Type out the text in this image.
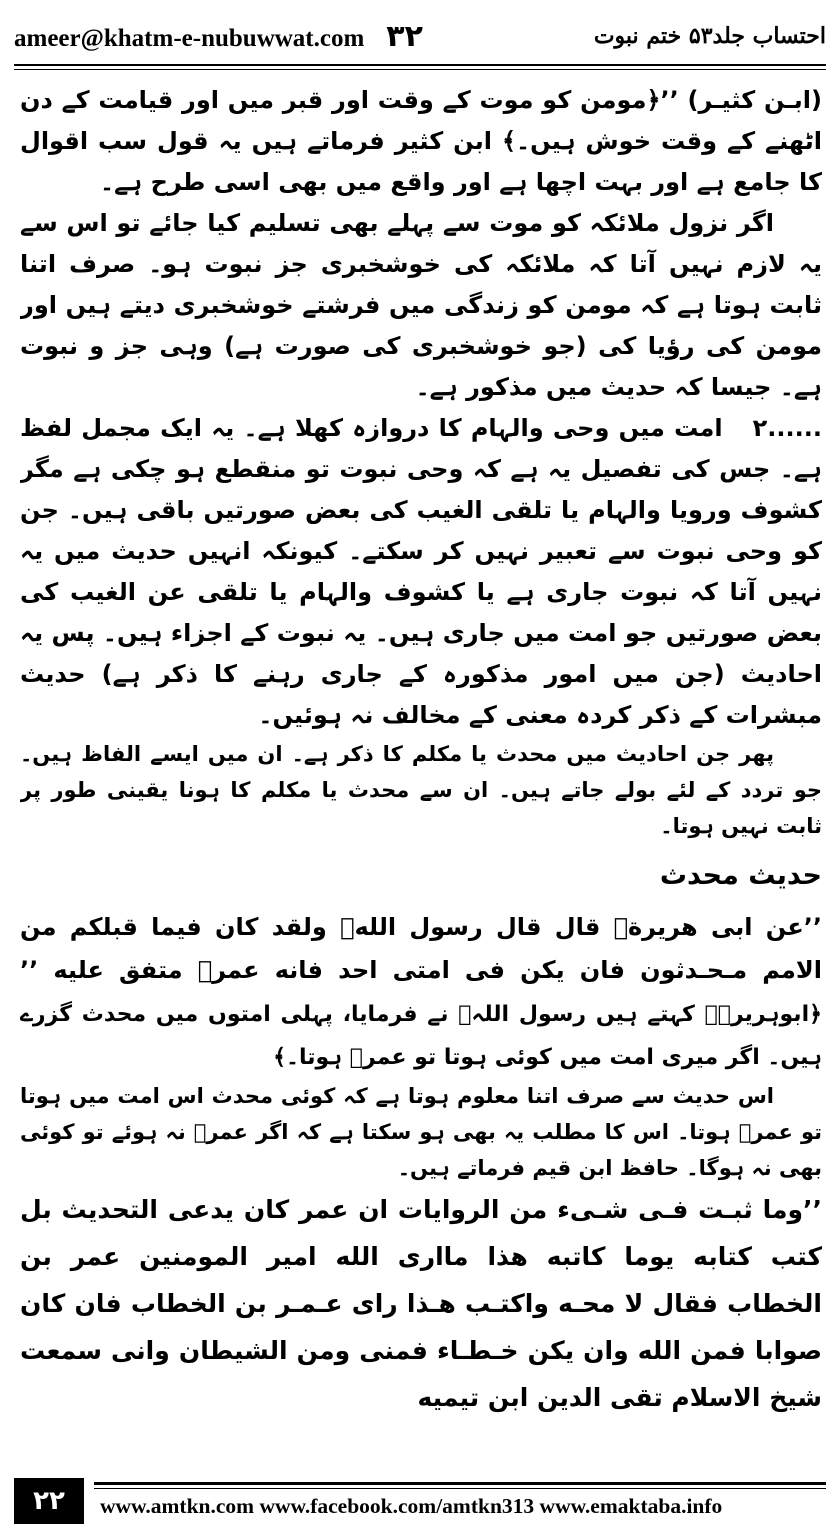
ameer@khatm-e-nubuwwat.com ۳۲	احتساب جلد۵۳ ختم نبوت

(ابـن كثيـر) ’’﴿مومن کو موت کے وقت اور قبر میں اور قیامت کے دن اٹھنے کے وقت خوش ہیں۔﴾ ابن کثیر فرماتے ہیں یہ قول سب اقوال کا جامع ہے اور بہت اچھا ہے اور واقع میں بھی اسی طرح ہے۔

اگر نزول ملائکہ کو موت سے پہلے بھی تسلیم کیا جائے تو اس سے یہ لازم نہیں آتا کہ ملائکہ کی خوشخبری جز نبوت ہو۔ صرف اتنا ثابت ہوتا ہے کہ مومن کو زندگی میں فرشتے خوشخبری دیتے ہیں اور مومن کی رؤیا کی (جو خوشخبری کی صورت ہے) وہی جز و نبوت ہے۔ جیسا کہ حدیث میں مذکور ہے۔

۲......امت میں وحی والہام کا دروازہ کھلا ہے۔ یہ ایک مجمل لفظ ہے۔ جس کی تفصیل یہ ہے کہ وحی نبوت تو منقطع ہو چکی ہے مگر کشوف ورویا والہام یا تلقی الغیب کی بعض صورتیں باقی ہیں۔ جن کو وحی نبوت سے تعبیر نہیں کر سکتے۔ کیونکہ انہیں حدیث میں یہ نہیں آتا کہ نبوت جاری ہے یا کشوف والہام یا تلقی عن الغیب کی بعض صورتیں جو امت میں جاری ہیں۔ یہ نبوت کے اجزاء ہیں۔ پس یہ احادیث (جن میں امور مذکورہ کے جاری رہنے کا ذکر ہے) حدیث مبشرات کے ذکر کردہ معنی کے مخالف نہ ہوئیں۔

پھر جن احادیث میں محدث یا مکلم کا ذکر ہے۔ ان میں ایسے الفاظ ہیں۔ جو تردد کے لئے بولے جاتے ہیں۔ ان سے محدث یا مکلم کا ہونا یقینی طور پر ثابت نہیں ہوتا۔

حدیث محدث

’’عن ابی هريرةؓ قال قال رسول اللهﷺ ولقد كان فيما قبلكم من الامم مـحـدثون فان يكن فی امتی احد فانه عمرؓ متفق عليه ’’ ﴿ابوہریرہؓ کہتے ہیں رسول اللہﷺ نے فرمایا، پہلی امتوں میں محدث گزرے ہیں۔ اگر میری امت میں کوئی ہوتا تو عمرؓ ہوتا۔﴾

اس حدیث سے صرف اتنا معلوم ہوتا ہے کہ کوئی محدث اس امت میں ہوتا تو عمرؓ ہوتا۔ اس کا مطلب یہ بھی ہو سکتا ہے کہ اگر عمرؓ نہ ہوئے تو کوئی بھی نہ ہوگا۔ حافظ ابن قیم فرماتے ہیں۔

’’وما ثبـت فـی شـیء من الروايات ان عمر كان يدعی التحديث بل كتب كتابه يوما كاتبه هذا ماارى الله امير المومنين عمر بن الخطاب فقال لا محـه واكتـب هـذا رای عـمـر بن الخطاب فان كان صوابا فمن الله وان يكن خـطـاء فمنی ومن الشيطان وانی سمعت شيخ الاسلام تقی الدين ابن تيميه

۲۲	www.amtkn.com www.facebook.com/amtkn313 www.emaktaba.info
